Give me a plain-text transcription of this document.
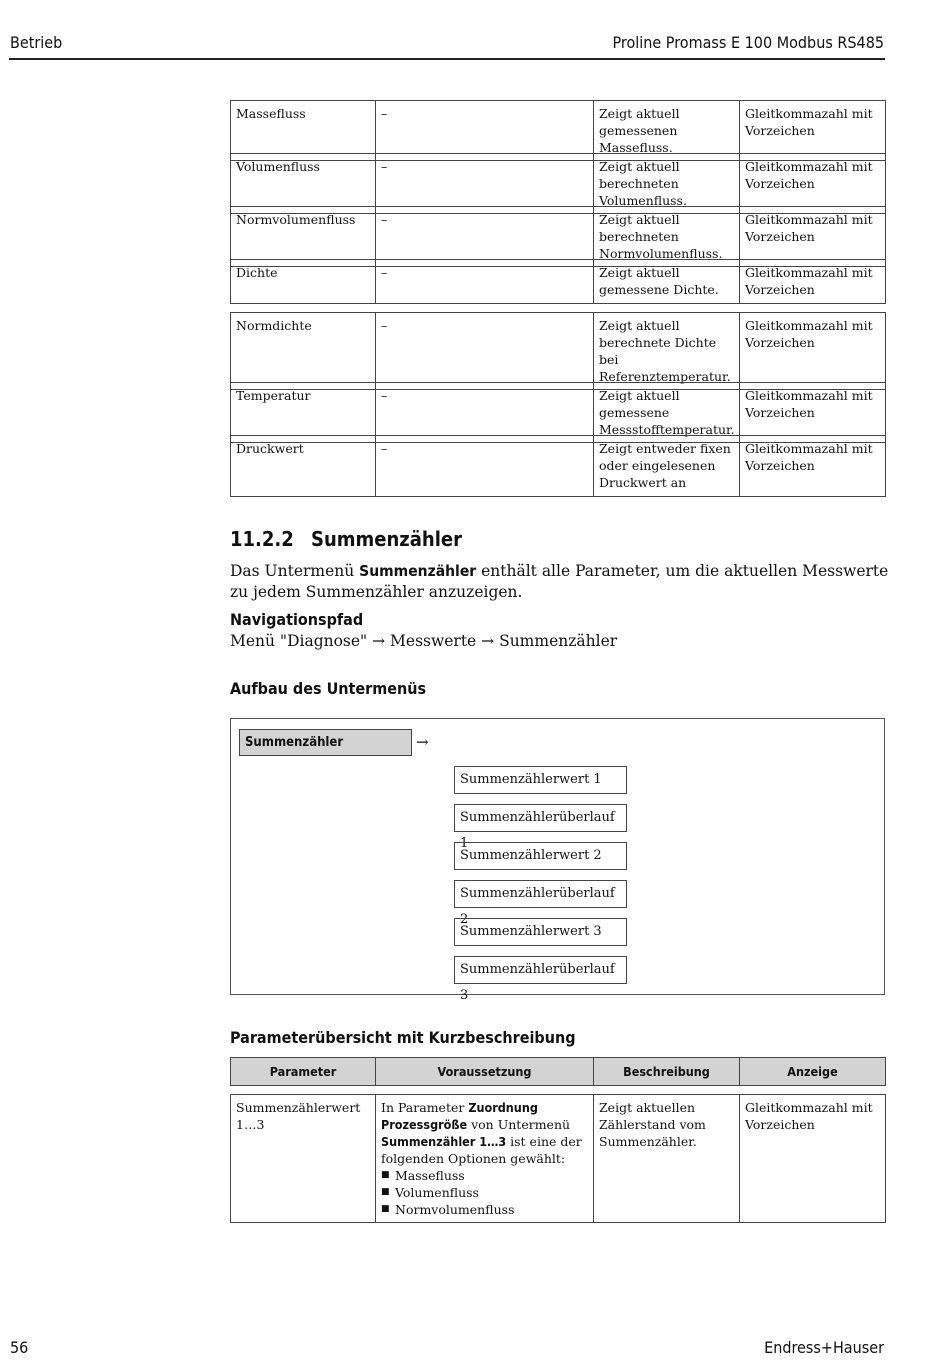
Betrieb	Proline Promass E 100 Modbus RS485
Massefluss	–	Zeigt aktuell gemessenen Massefluss.	Gleitkommazahl mit Vorzeichen
Volumenfluss	–	Zeigt aktuell berechneten Volumenfluss.	Gleitkommazahl mit Vorzeichen
Normvolumenfluss	–	Zeigt aktuell berechneten Normvolumenfluss.	Gleitkommazahl mit Vorzeichen
Dichte	–	Zeigt aktuell gemessene Dichte.	Gleitkommazahl mit Vorzeichen
Normdichte	–	Zeigt aktuell berechnete Dichte bei Referenztemperatur.	Gleitkommazahl mit Vorzeichen
Temperatur	–	Zeigt aktuell gemessene Messstofftemperatur.	Gleitkommazahl mit Vorzeichen
Druckwert	–	Zeigt entweder fixen oder eingelesenen Druckwert an	Gleitkommazahl mit Vorzeichen
11.2.2 Summenzähler
Das Untermenü Summenzähler enthält alle Parameter, um die aktuellen Messwerte zu jedem Summenzähler anzuzeigen.
Navigationspfad
Menü "Diagnose" → Messwerte → Summenzähler
Aufbau des Untermenüs
Summenzähler	→
Summenzählerwert 1
Summenzählerüberlauf 1
Summenzählerwert 2
Summenzählerüberlauf 2
Summenzählerwert 3
Summenzählerüberlauf 3
Parameterübersicht mit Kurzbeschreibung
Parameter	Voraussetzung	Beschreibung	Anzeige
Summenzählerwert 1…3	In Parameter Zuordnung Prozessgröße von Untermenü Summenzähler 1…3 ist eine der folgenden Optionen gewählt:
■ Massefluss
■ Volumenfluss
■ Normvolumenfluss
	Zeigt aktuellen Zählerstand vom Summenzähler.	Gleitkommazahl mit Vorzeichen
56	Endress+Hauser
